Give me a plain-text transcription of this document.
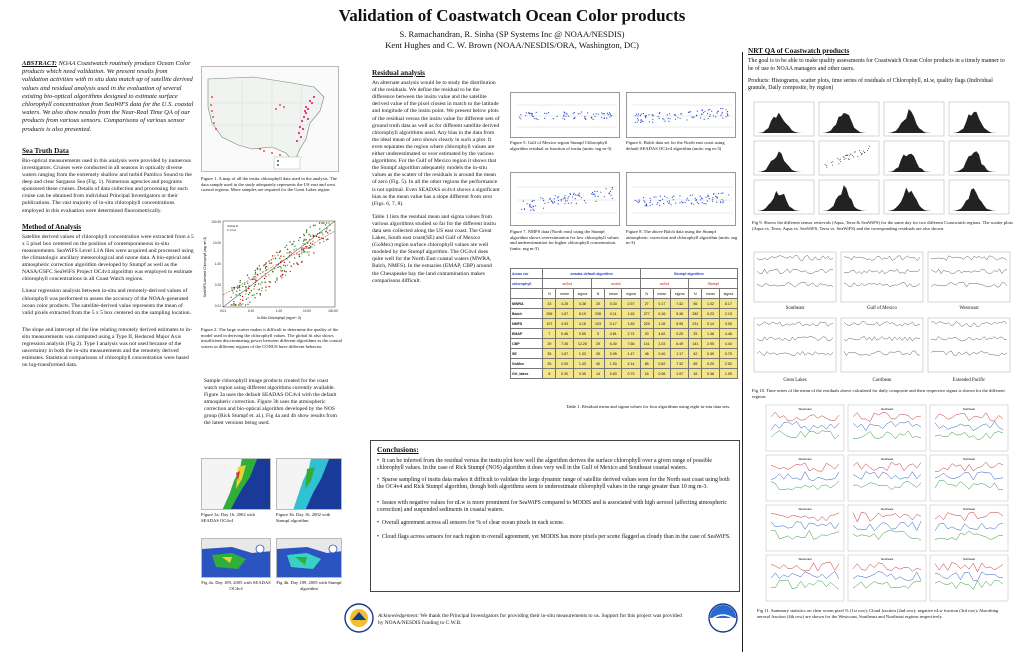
Validation of Coastwatch Ocean Color products
S. Ramachandran, R. Sinha (SP Systems Inc @ NOAA/NESDIS)
Kent Hughes and C. W. Brown (NOAA/NESDIS/ORA, Washington, DC)
ABSTRACT: NOAA Coastwatch routinely produce Ocean Color products which need validation. We present results from validation activities with in situ data match up of satellite derived values and residual analysis used in the evaluation of several existing bio-optical algorithms designed to estimate surface chlorophyll concentration from SeaWiFS data for the U.S. coastal waters. We also show results from the Near-Real Time QA of our products from various sensors. Comparisons of various sensor products is also presented.
Sea Truth Data
Bio-optical measurements used in this analysis were provided by numerous investigators. Cruises were conducted in all seasons in optically diverse waters ranging from the extremely shallow and turbid Pamlico Sound to the deep and clear Sargasso Sea (Fig. 1). Numerous agencies and programs sponsored these cruises. Details of data collection and processing for each cruise can be obtained from individual Principal Investigators or their publications. The vast majority of in-situ chlorophyll concentrations employed in this evaluation were determined fluorometrically.
Method of Analysis
Satellite derived values of chlorophyll concentration were extracted from a 5 x 5 pixel box centered on the position of contemporaneous in-situ measurements. SeaWiFS Level L1A files were acquired and processed using the climatologic ancillary meteorological and ozone data. A bio-optical and atmospheric correction algorithm developed by Stumpf as well as the NASA/GSFC SeaWiFS Project OC4v4 algorithm was employed to estimate chlorophyll concentrations in all Coast Watch regions.
Linear regression analysis between in-situ and remotely-derived values of chlorophyll was performed to assess the accuracy of the NOAA-generated ocean color products. The satellite-derived value represents the mean of valid pixels extracted from the 5 x 5 box centered on the sampling location.
The slope and intercept of the line relating remotely derived estimates to in-situ measurements was computed using a Type II, Reduced Major Axis regression analysis (Fig 2). Type I analysis was not used because of the uncertainty in both the in-situ measurements and the remotely derived estimates. Statistical comparisons of chlorophyll concentration were based on log-transformed data.
Figure 1. A map of all the insitu chlorophyll data used in the analysis. The data sample used in the study adequately represents the US east and west coastal regions. More samples are required for the Great Lakes region.
100.00
10.00
1.00
0.10
0.01
0.01	0.10	1.00	10.00	100.00
In-Situ Chlorophyll (mg m^-3)
SeaWiFS-derived Chlorophyll (mg m^-3)
Global fit
1:1 line
OC4v4
Stumpf
Figure 2. The large scatter makes it difficult to determine the quality of the model used in deriving the chlorophyll values. The global fit also shows insufficient discriminating power between different algorithms as the coastal waters in different regions of the CONUS have different behavior.
Sample chlorophyll image products created for the coast watch region using different algorithms currently available. Figure 3a uses the default SEADAS OC4v4 with the default atmospheric correction. Figure 3b uses the atmospheric correction and bio-optical algorithm developed by the NOS group (Rick Stumpf et. al.). Fig 4a and 4b show results from the latest versions being used.
Figure 3a. Day 16, 2002 with SEADAS OC4v4
Figure 3b. Day 16, 2002 with Stumpf algorithm
Fig 4a. Day 189, 2005 with SEADAS OC4v4
Fig 4b. Day 189, 2005 with Stumpf algorithm
Residual analysis
An alternate analysis would be to study the distribution of the residuals. We define the residual to be the difference between the insitu value and the satellite derived value of the pixel closest in match to the latitude and longitude of the insitu point. We present below plots of the residual versus the insitu value for different sets of ground truth data as well as for different satellite derived chlorophyll algorithms used. Any bias in the data from the ideal mean of zero shows clearly in such a plot. It even separates the region where chlorophyll values are either underestimated or over estimated by the various algorithms. For the Gulf of Mexico region it shows that the Stumpf algorithm adequately models the in-situ values as the scatter of the residuals is around the mean of zero (Fig. 5). In all the other regions the performance is not optimal. Even SEADAS oc4v4 shows a significant bias as the mean value has a slope different from zero (Figs. 6, 7, 8).
Table 1 lists the residual mean and sigma values from various algorithms studied so far for the different insitu data sets collected along the US east coast. The Great Lakes, South east coast(SE) and Gulf of Mexico (GoMex) region surface chlorophyll values are well modeled by the Stumpf algorithm. The OC4v4 does quite well for the North East coastal waters (MWRA, Balch, NMFS). In the estuaries (EMAP, CBP) around the Chesapeake bay the land contamination makes comparisons difficult.
Figure 5. Gulf of Mexico region Stumpf Chlorophyll algorithm residual as function of insitu (units: mg m-3)
Figure 6. Balch data set for the North east coast using default SEADAS OC4v4 algorithm (units: mg m-3)
Figure 7. NMFS data (North east) using the Stumpf algorithm shows overestimation for low chlorophyll values and underestimation for higher chlorophyll concentration. (units: mg m-3)
Figure 8. The above Balch data using the Stumpf atmospheric correction and chlorophyll algorithm (units: mg m-3)
Areas cor	seadas default algorithm						Stumpf algorithm					
chlorophyll	oc2v4			oc4v4			oc2v4			Stumpf		
	N	mean	sigma	N	mean	sigma	N	mean	sigma	N	mean	sigma
MWRA	23	4.25	4.38	20	0.33	2.57	27	0.17	7.42	56	1.02	8.17
Balch	256	1.67	8.10	238	0.11	1.63	277	0.16	5.36	282	0.23	2.19
NMFS	107	4.93	4.18	103	0.17	1.83	225	1.26	5.95	231	0.14	3.00
EMAP	7	0.46	0.55	5	4.81	2.74	20	4.62	0.25	25	1.38	4.48
CBP	29	7.26	12.26	29	6.40	7.66	141	1.03	6.49	141	2.95	4.44
SE	35	1.67	1.33	35	0.95	1.47	46	0.40	1.17	42	0.30	0.79
GoMex	25	2.00	1.43	40	1.53	4.14	65	0.62	7.32	65	0.20	2.52
Grt_lakes	8	0.30	0.35	14	0.83	0.75	16	0.06	1.97	16	0.38	1.09
Table 1. Residual mean and sigma values for four algorithms using eight in-situ data sets.
Conclusions:

•  It can be inferred from the residual versus the insitu plot how well the algorithm derives the surface chlorophyll over a given range of possible chlorophyll values. In the case of Rick Stumpf (NOS) algorithm it does very well in the Gulf of Mexico and Southeast coastal waters.

•  Sparse sampling of insitu data makes it difficult to validate the large dynamic range of satellite derived values seen for the North east coast using both the OC4v4 and Rick Stumpf algorithm, though both algorithms seem to underestimate chlorophyll values in the range greater than 10 mg m-3.

•  Issues with negative values for nLw is more prominent for SeaWiFS compared to MODIS and is associated with high aerosol (affecting atmospheric correction) and suspended sediments in coastal waters.

•  Overall agreement across all sensors for % of clear ocean pixels in each scene.

•  Cloud flags across sensors for each region in overall agreement, yet MODIS has more pixels per scene flagged as cloudy than in the case of SeaWiFS.

Acknowledgement: We thank the Principal Investigators for providing their in-situ measurements to us. Support for this project was provided by NOAA/NESDIS funding to C.W.B.
NRT QA of Coastwatch products
The goal is to be able to make quality assessments for Coastwatch Ocean Color products in a timely manner to be of use to NOAA managers and other users.
Products: Histograms, scatter plots, time series of residuals of Chlorophyll, nLw, quality flags (Individual granule, Daily composite, by region)
Fig 9. Shows the different sensor retrievals (Aqua, Terra & SeaWiFS) for the same day for two different Coastwatch regions. The scatter plots (Aqua vs. Terra, Aqua vs. SeaWiFS, Terra vs. SeaWiFS) and the corresponding residuals are also shown.
Southeast	Gulf of Mexico	Westcoast
Great Lakes	Carribean	Extended Pacific
Fig 10. Time series of the mean of the residuals above calculated for daily composite and their respective sigma is shown for the different regions
Westcoast	Southeast	Northeast
Westcoast	Southeast	Northeast
Westcoast	Southeast	Northeast
Westcoast	Southeast	Northeast
Fig 11. Summary statistics on clear ocean pixel % (1st row); Cloud fraction (2nd row); negative nLw fraction (3rd row); Absorbing aerosol fraction (4th row) are shown for the Westcoast, Southeast and Northeast regions respectively.
